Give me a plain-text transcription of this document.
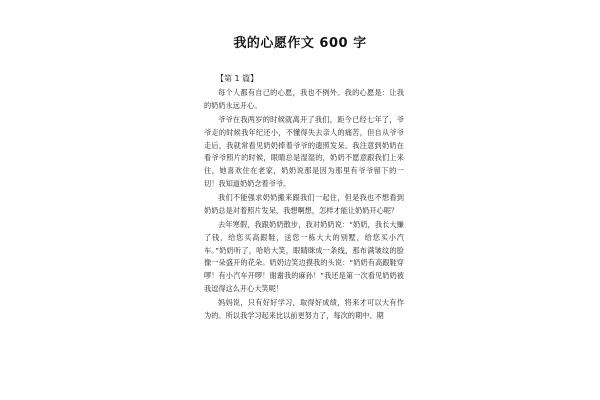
我的心愿作文 600 字
【第 1 篇】

每个人都有自己的心愿，我也不例外。我的心愿是：让我的奶奶永远开心。

爷爷在我两岁的时候就离开了我们，距今已经七年了，爷爷走的时候我年纪还小，不懂得失去亲人的痛苦，但自从爷爷走后，我就常看见奶奶捧着爷爷的遗照发呆。我注意到奶奶在看爷爷照片的时候，眼睛总是湿湿的，奶奶不愿意跟我们上来住，她喜欢住在老家，奶奶说那是因为那里有爷爷留下的一切！我知道奶奶念着爷爷。

我们不能强求奶奶搬来跟我们一起住，但是我也不想看到奶奶总是对着照片发呆，我想啊想，怎样才能让奶奶开心呢？

去年寒假，我跟奶奶散步，我对奶奶说：“奶奶，我长大赚了钱，给您买高跟鞋，送您一栋大大的别墅，给您买小汽车。”奶奶听了，哈哈大笑，眼睛眯成一条线，那布满皱纹的脸像一朵盛开的花朵。奶奶边笑边摸我的头说：“奶奶有高跟鞋穿啰！有小汽车开啰！谢谢我的麻孙！”我还是第一次看见奶奶被我逗得这么开心大笑呢！

妈妈说，只有好好学习，取得好成绩，将来才可以大有作为的。所以我学习起来比以前更努力了，每次的期中、期
